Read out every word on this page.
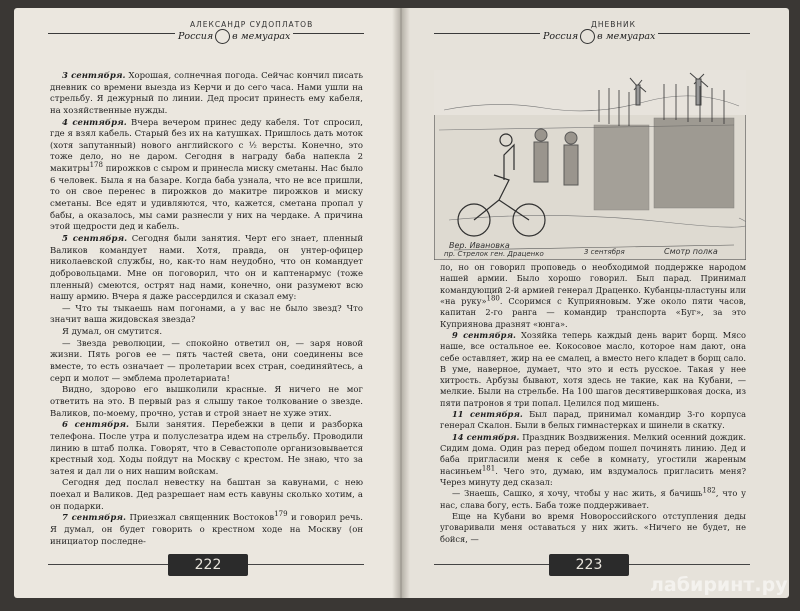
АЛЕКСАНДР СУДОПЛАТОВ	ДНЕВНИК
Россия в мемуарах	Россия в мемуарах

3 сентября. Хорошая, солнечная погода. Сейчас кончил писать дневник со времени выезда из Керчи и до сего часа. Нами ушли на стрельбу. Я дежурный по линии. Дед просит принесть ему кабеля, на хозяйственные нужды.

4 сентября. Вчера вечером принес деду кабеля. Тот спросил, где я взял кабель. Старый без их на катушках. Пришлось дать моток (хотя запутанный) нового английского с ½ версты. Конечно, это тоже дело, но не даром. Сегодня в награду баба напекла 2 макитры$^{178}$ пирожков с сыром и принесла миску сметаны. Нас было 6 человек. Была я на базаре. Когда баба узнала, что не все пришли, то он свое перенес в пирожков до макитре пирожков и миску сметаны. Все едят и удивляются, что, кажется, сметана пропал у бабы, а оказалось, мы сами разнесли у них на чердаке. А причина этой щедрости дед и кабель.

5 сентября. Сегодня были занятия. Черт его знает, пленный Валиков командует нами. Хотя, правда, он унтер-офицер николаевской службы, но, как-то нам неудобно, что он командует добровольцами. Мне он поговорил, что он и каптенармус (тоже пленный) смеются, острят над нами, конечно, они разумеют всю нашу армию. Вчера я даже рассердился и сказал ему:

— Что ты тыкаешь нам погонами, а у вас не было звезд? Что значит ваша жидовская звезда?

Я думал, он смутится.

— Звезда революции, — спокойно ответил он, — заря новой жизни. Пять рогов ее — пять частей света, они соединены все вместе, то есть означает — пролетарии всех стран, соединяйтесь, а серп и молот — эмблема пролетариата!

Видно, здорово его вышколили красные. Я ничего не мог ответить на это. В первый раз я слышу такое толкование о звезде. Валиков, по-моему, прочно, устав и строй знает не хуже этих.

6 сентября. Были занятия. Перебежки в цепи и разборка телефона. После утра и полуслезатра идем на стрельбу. Проводили линию в штаб полка. Говорят, что в Севастополе организовывается крестный ход. Ходы пойдут на Москву с крестом. Не знаю, что за затея и дал ли о них нашим войскам.

Сегодня дед послал невестку на баштан за кавунами, с нею поехал и Валиков. Дед разрешает нам есть кавуны сколько хотим, а он подарки.

7 сентября. Приезжал священник Востоков$^{179}$ и говорил речь. Я думал, он будет говорить о крестном ходе на Москву (он инициатор последне-

Вер. Ивановка
пр. Стрелок ген. Драценко	3 сентября	Смотр полка

ло, но он говорил проповедь о необходимой поддержке народом нашей армии. Было хорошо говорил. Был парад. Принимал командующий 2-й армией генерал Драценко. Кубанцы-пластуны или «на руку»$^{180}$. Ссоримся с Куприяновым. Уже около пяти часов, капитан 2-го ранга — командир транспорта «Буг», за это Куприянова дразнят «юнга».

9 сентября. Хозяйка теперь каждый день варит борщ. Мясо наше, все остальное ее. Кокосовое масло, которое нам дают, она себе оставляет, жир на ее смалец, а вместо него кладет в борщ сало. В уме, наверное, думает, что это и есть русское. Такая у нее хитрость. Арбузы бывают, хотя здесь не такие, как на Кубани, — мелкие. Были на стрельбе. На 100 шагов десятивершковая доска, из пяти патронов я три попал. Целился под мишень.

11 сентября. Был парад, принимал командир 3-го корпуса генерал Скалон. Были в белых гимнастерках и шинели в скатку.

14 сентября. Праздник Воздвижения. Мелкий осенний дождик. Сидим дома. Один раз перед обедом пошел починять линию. Дед и баба пригласили меня к себе в комнату, угостили жареным насиньем$^{181}$. Чего это, думаю, им вздумалось пригласить меня? Через минуту дед сказал:

— Знаешь, Сашко, я хочу, чтобы у нас жить, я бачишь$^{182}$, что у нас, слава богу, есть. Баба тоже поддерживает.

Еще на Кубани во время Новороссийского отступления деды уговаривали меня оставаться у них жить. «Ничего не будет, не бойся, —

222	223
лабиринт.ру
